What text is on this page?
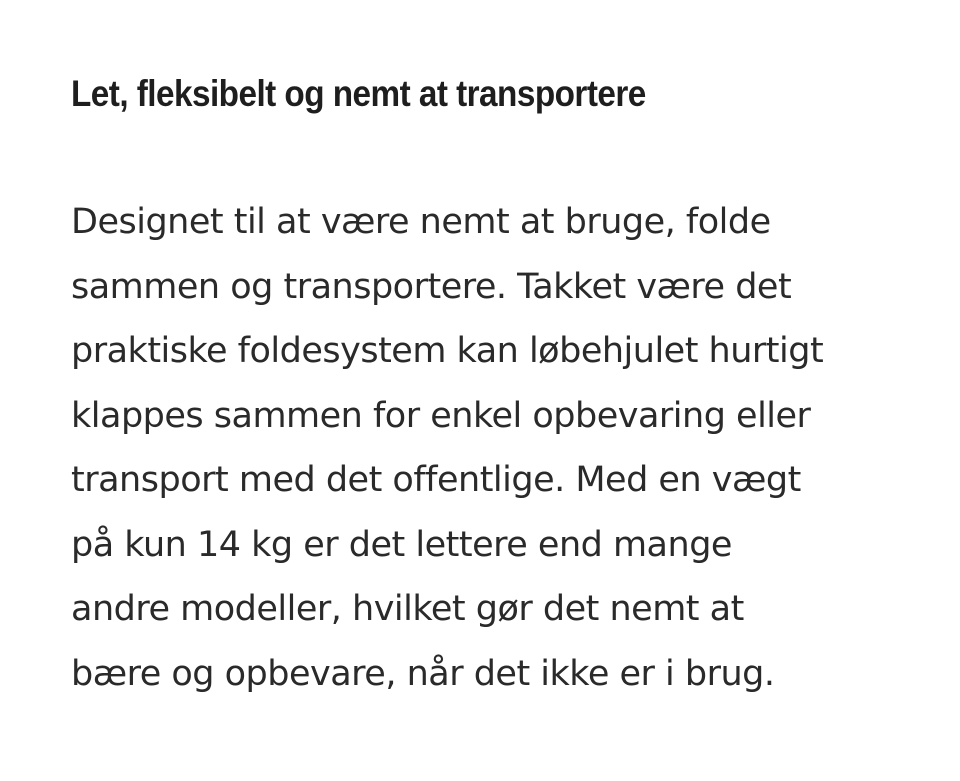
Let, fleksibelt og nemt at transportere

Designet til at være nemt at bruge, folde
sammen og transportere. Takket være det
praktiske foldesystem kan løbehjulet hurtigt
klappes sammen for enkel opbevaring eller
transport med det offentlige. Med en vægt
på kun 14 kg er det lettere end mange
andre modeller, hvilket gør det nemt at
bære og opbevare, når det ikke er i brug.
